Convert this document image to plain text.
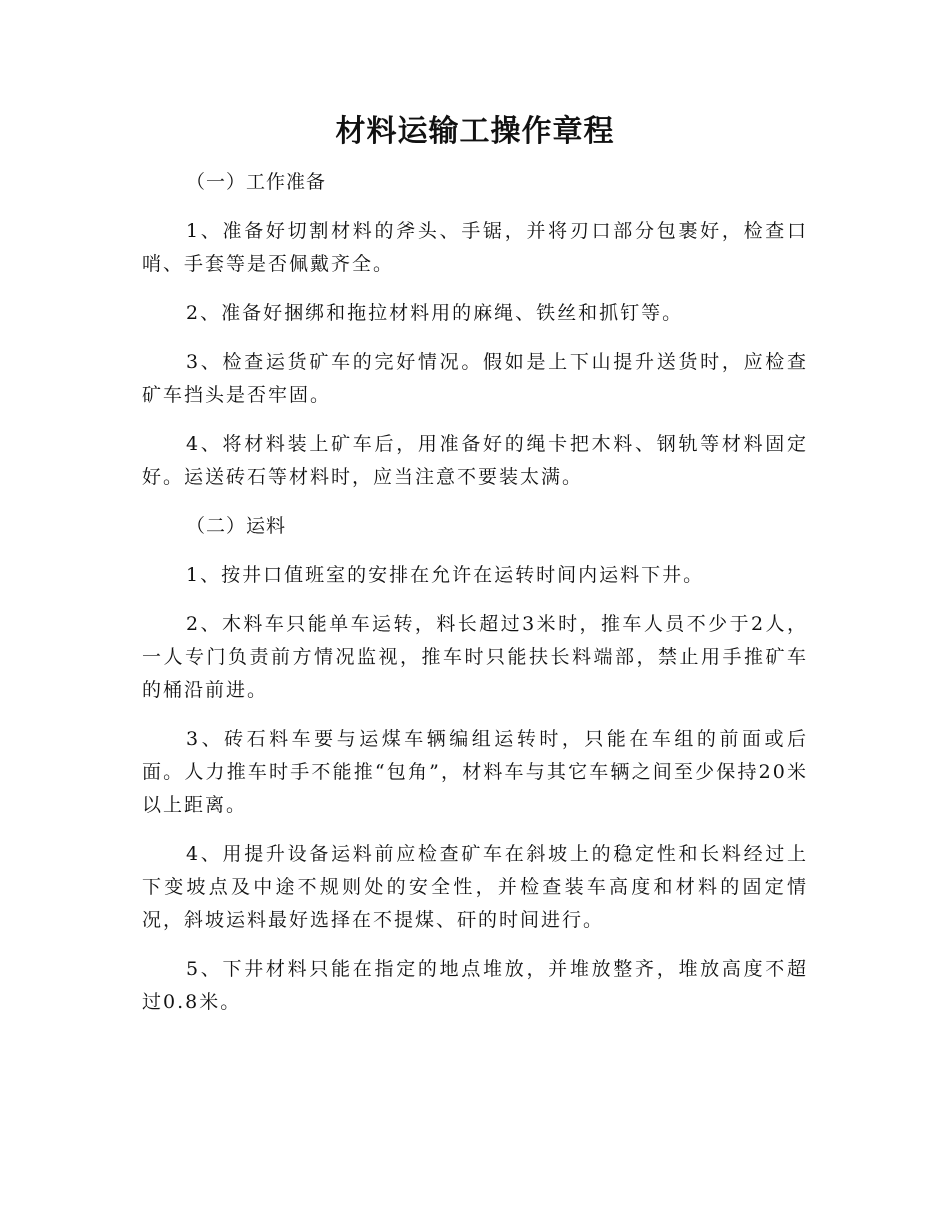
材料运输工操作章程
（一）工作准备

1、准备好切割材料的斧头、手锯，并将刃口部分包裹好，检查口哨、手套等是否佩戴齐全。

2、准备好捆绑和拖拉材料用的麻绳、铁丝和抓钉等。

3、检查运货矿车的完好情况。假如是上下山提升送货时，应检查矿车挡头是否牢固。

4、将材料装上矿车后，用准备好的绳卡把木料、钢轨等材料固定好。运送砖石等材料时，应当注意不要装太满。

（二）运料

1、按井口值班室的安排在允许在运转时间内运料下井。

2、木料车只能单车运转，料长超过3米时，推车人员不少于2人，一人专门负责前方情况监视，推车时只能扶长料端部，禁止用手推矿车的桶沿前进。

3、砖石料车要与运煤车辆编组运转时，只能在车组的前面或后面。人力推车时手不能推“包角”，材料车与其它车辆之间至少保持20米以上距离。

4、用提升设备运料前应检查矿车在斜坡上的稳定性和长料经过上下变坡点及中途不规则处的安全性，并检查装车高度和材料的固定情况，斜坡运料最好选择在不提煤、矸的时间进行。

5、下井材料只能在指定的地点堆放，并堆放整齐，堆放高度不超过0.8米。
